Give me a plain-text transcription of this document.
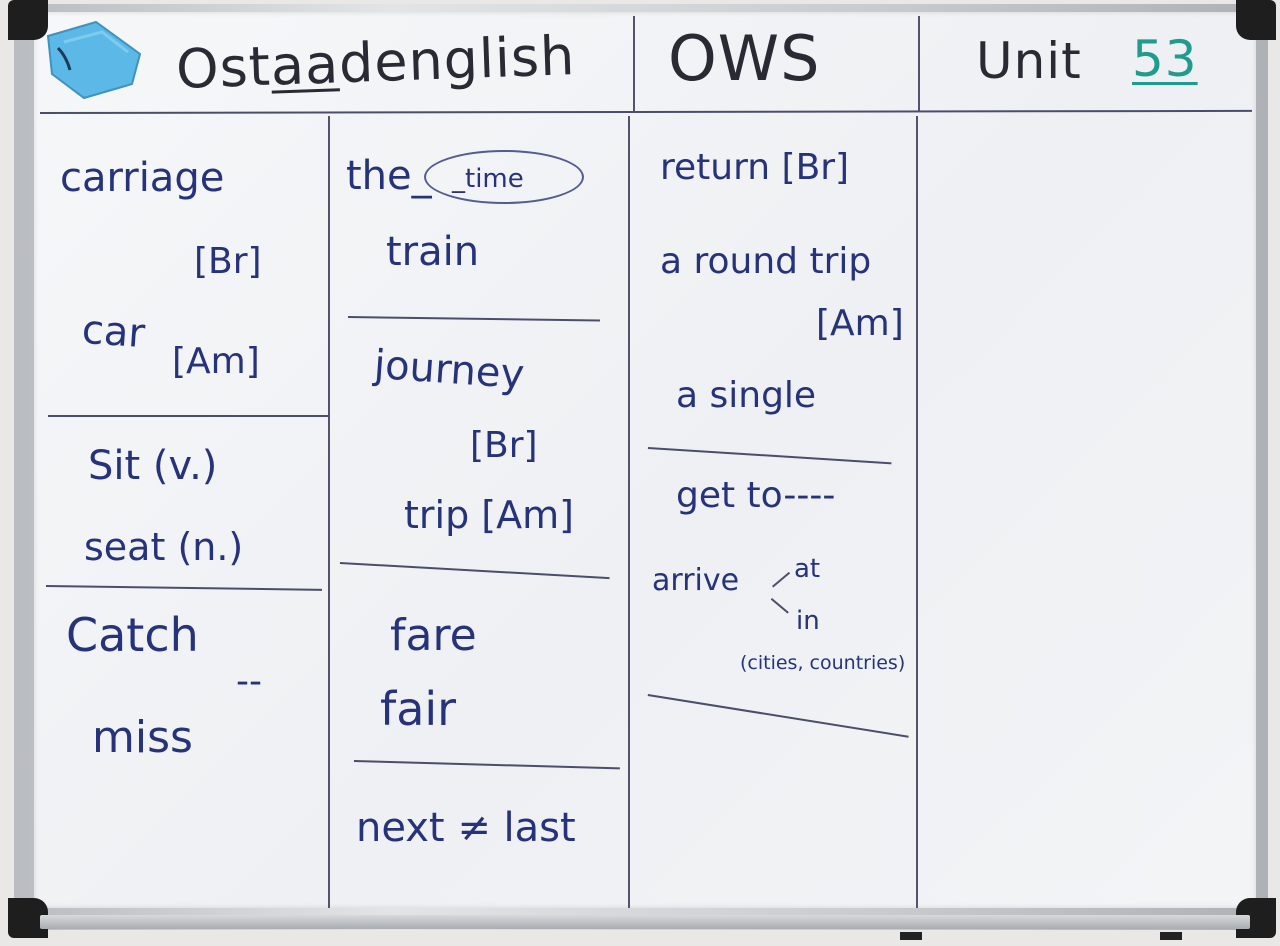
Ostaadenglish OWS	Unit 53
carriage
[Br]
car
[Am]
Sit (v.)
seat (n.)
Catch
--
miss
the_ _time
train
journey
[Br]
trip [Am]
fare
fair
next ≠ last
return [Br]
a round trip
[Am]
a single
get to----
arrive at
in
(cities, countries)
